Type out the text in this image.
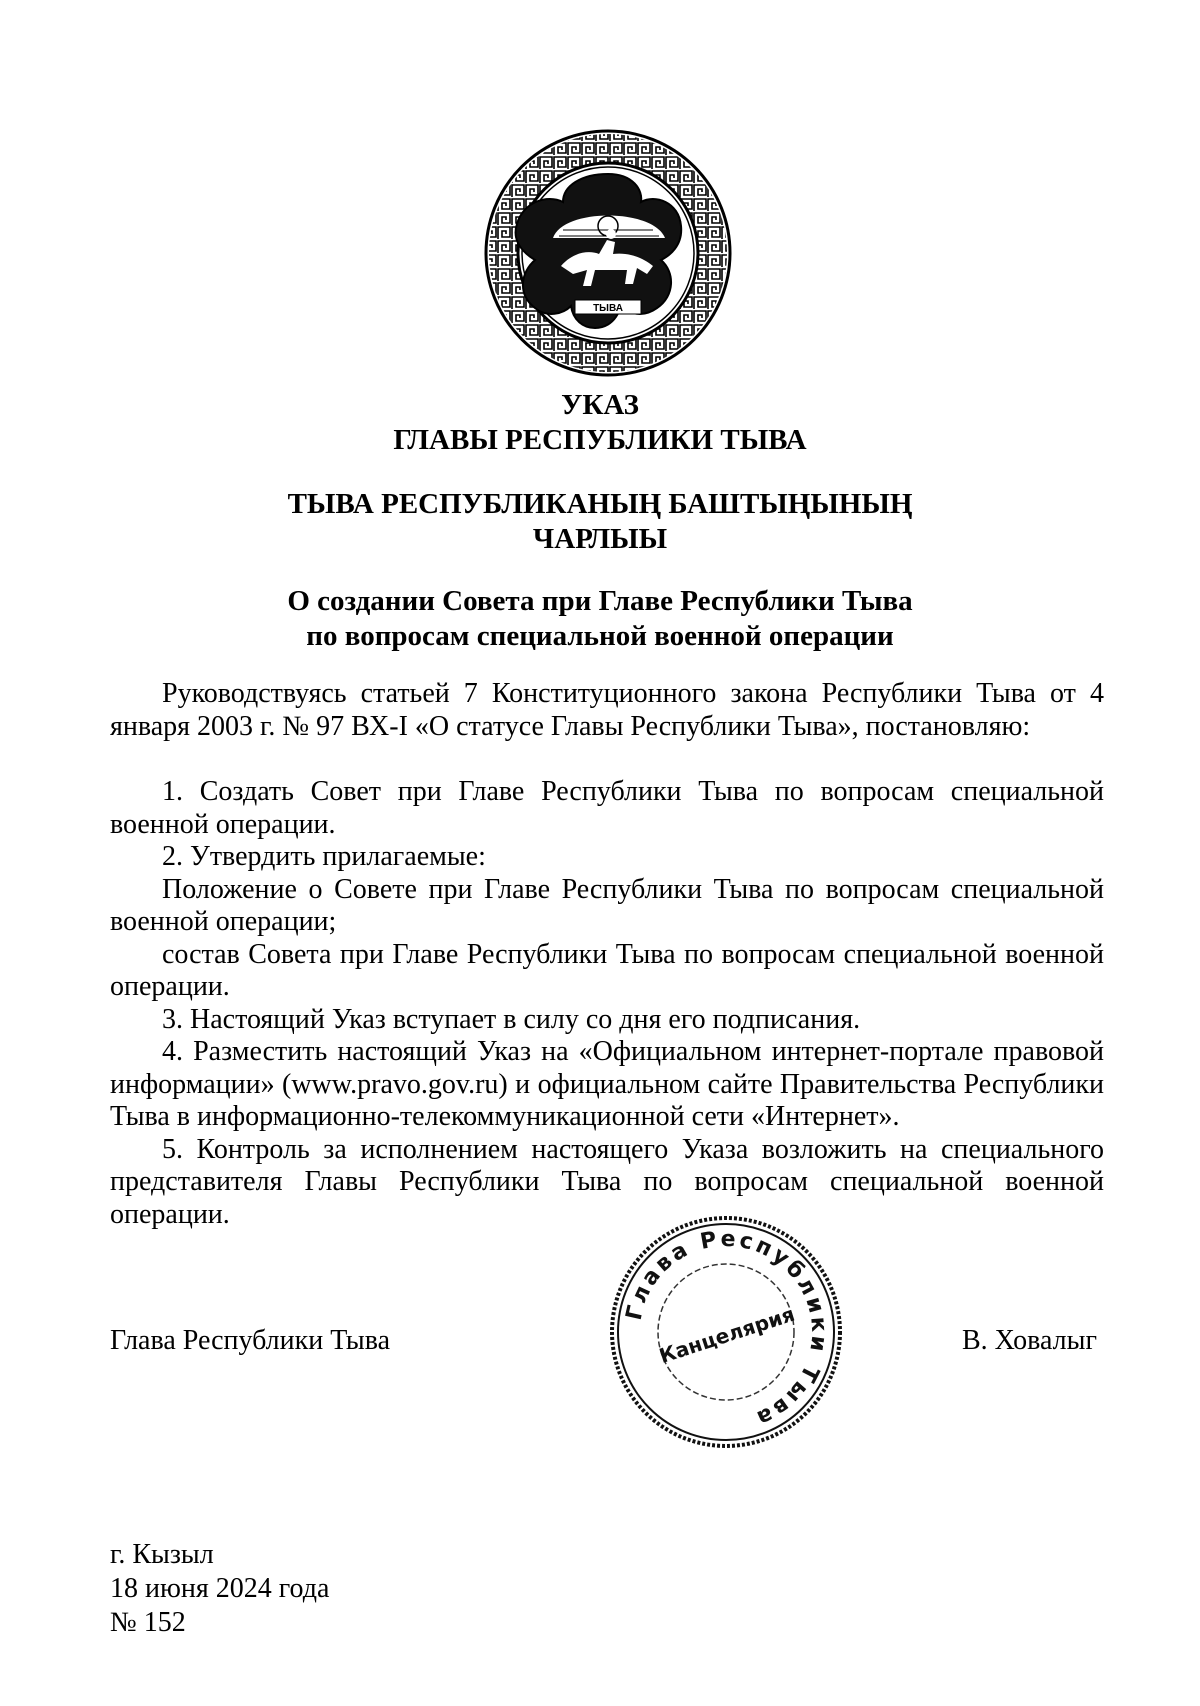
ТЫВА
УКАЗ
ГЛАВЫ РЕСПУБЛИКИ ТЫВА
ТЫВА РЕСПУБЛИКАНЫҢ БАШТЫҢЫНЫҢ
ЧАРЛЫЫ
О создании Совета при Главе Республики Тыва
по вопросам специальной военной операции

Руководствуясь статьей 7 Конституционного закона Республики Тыва от 4 января 2003 г. № 97 ВХ-I «О статусе Главы Республики Тыва», постановляю:

1. Создать Совет при Главе Республики Тыва по вопросам специальной военной операции.

2. Утвердить прилагаемые:

Положение о Совете при Главе Республики Тыва по вопросам специальной военной операции;

состав Совета при Главе Республики Тыва по вопросам специальной военной операции.

3. Настоящий Указ вступает в силу со дня его подписания.

4. Разместить настоящий Указ на «Официальном интернет-портале правовой информации» (www.pravo.gov.ru) и официальном сайте Правительства Республики Тыва в информационно-телекоммуникационной сети «Интернет».

5. Контроль за исполнением настоящего Указа возложить на специального представителя Главы Республики Тыва по вопросам специальной военной операции.

Глава Республики Тыва
Канцелярия
Глава Республики Тыва	В. Ховалыг
г. Кызыл
18 июня 2024 года
№ 152
